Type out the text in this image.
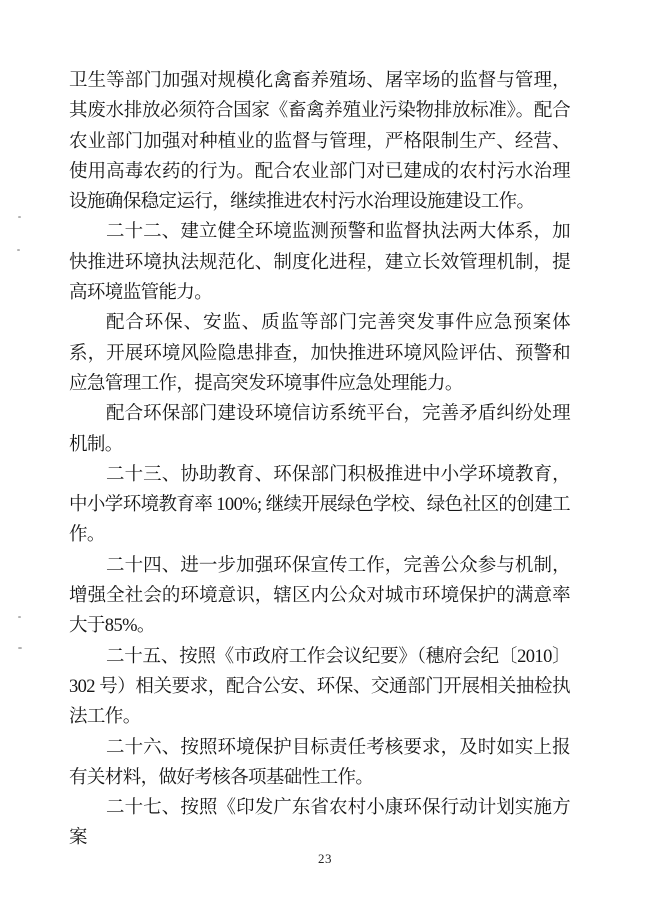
卫生等部门加强对规模化禽畜养殖场、屠宰场的监督与管理，其废水排放必须符合国家《畜禽养殖业污染物排放标准》。配合农业部门加强对种植业的监督与管理，严格限制生产、经营、使用高毒农药的行为。配合农业部门对已建成的农村污水治理设施确保稳定运行，继续推进农村污水治理设施建设工作。

二十二、建立健全环境监测预警和监督执法两大体系，加快推进环境执法规范化、制度化进程，建立长效管理机制，提高环境监管能力。

配合环保、安监、质监等部门完善突发事件应急预案体系，开展环境风险隐患排查，加快推进环境风险评估、预警和应急管理工作，提高突发环境事件应急处理能力。

配合环保部门建设环境信访系统平台，完善矛盾纠纷处理机制。

二十三、协助教育、环保部门积极推进中小学环境教育，中小学环境教育率 100%; 继续开展绿色学校、绿色社区的创建工作。

二十四、进一步加强环保宣传工作，完善公众参与机制，增强全社会的环境意识，辖区内公众对城市环境保护的满意率大于85%。

二十五、按照《市政府工作会议纪要》（穗府会纪〔2010〕302 号）相关要求，配合公安、环保、交通部门开展相关抽检执法工作。

二十六、按照环境保护目标责任考核要求，及时如实上报有关材料，做好考核各项基础性工作。

二十七、按照《印发广东省农村小康环保行动计划实施方案

23
